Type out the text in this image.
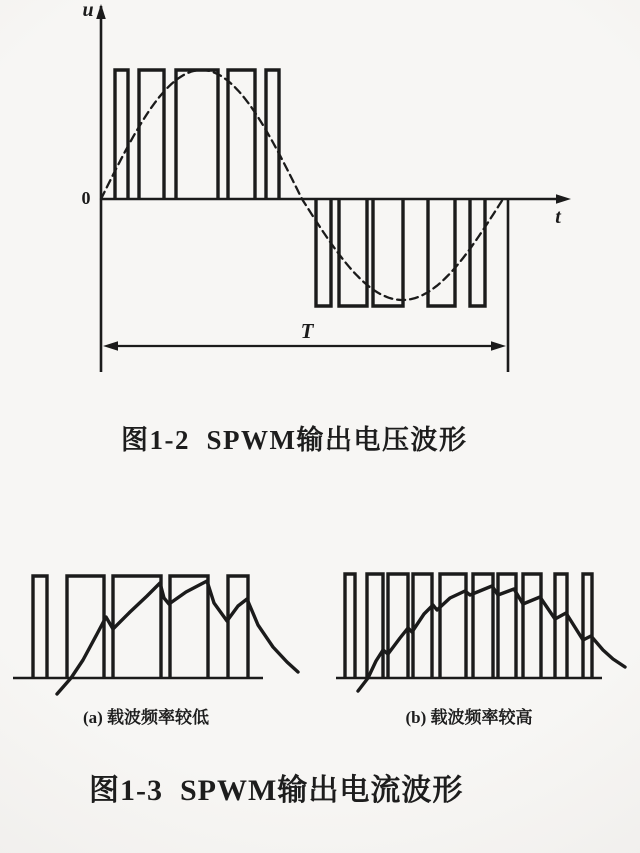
u
t
0
T
图1-2  SPWM输出电压波形
(a) 载波频率较低	(b) 载波频率较高
图1-3  SPWM输出电流波形
